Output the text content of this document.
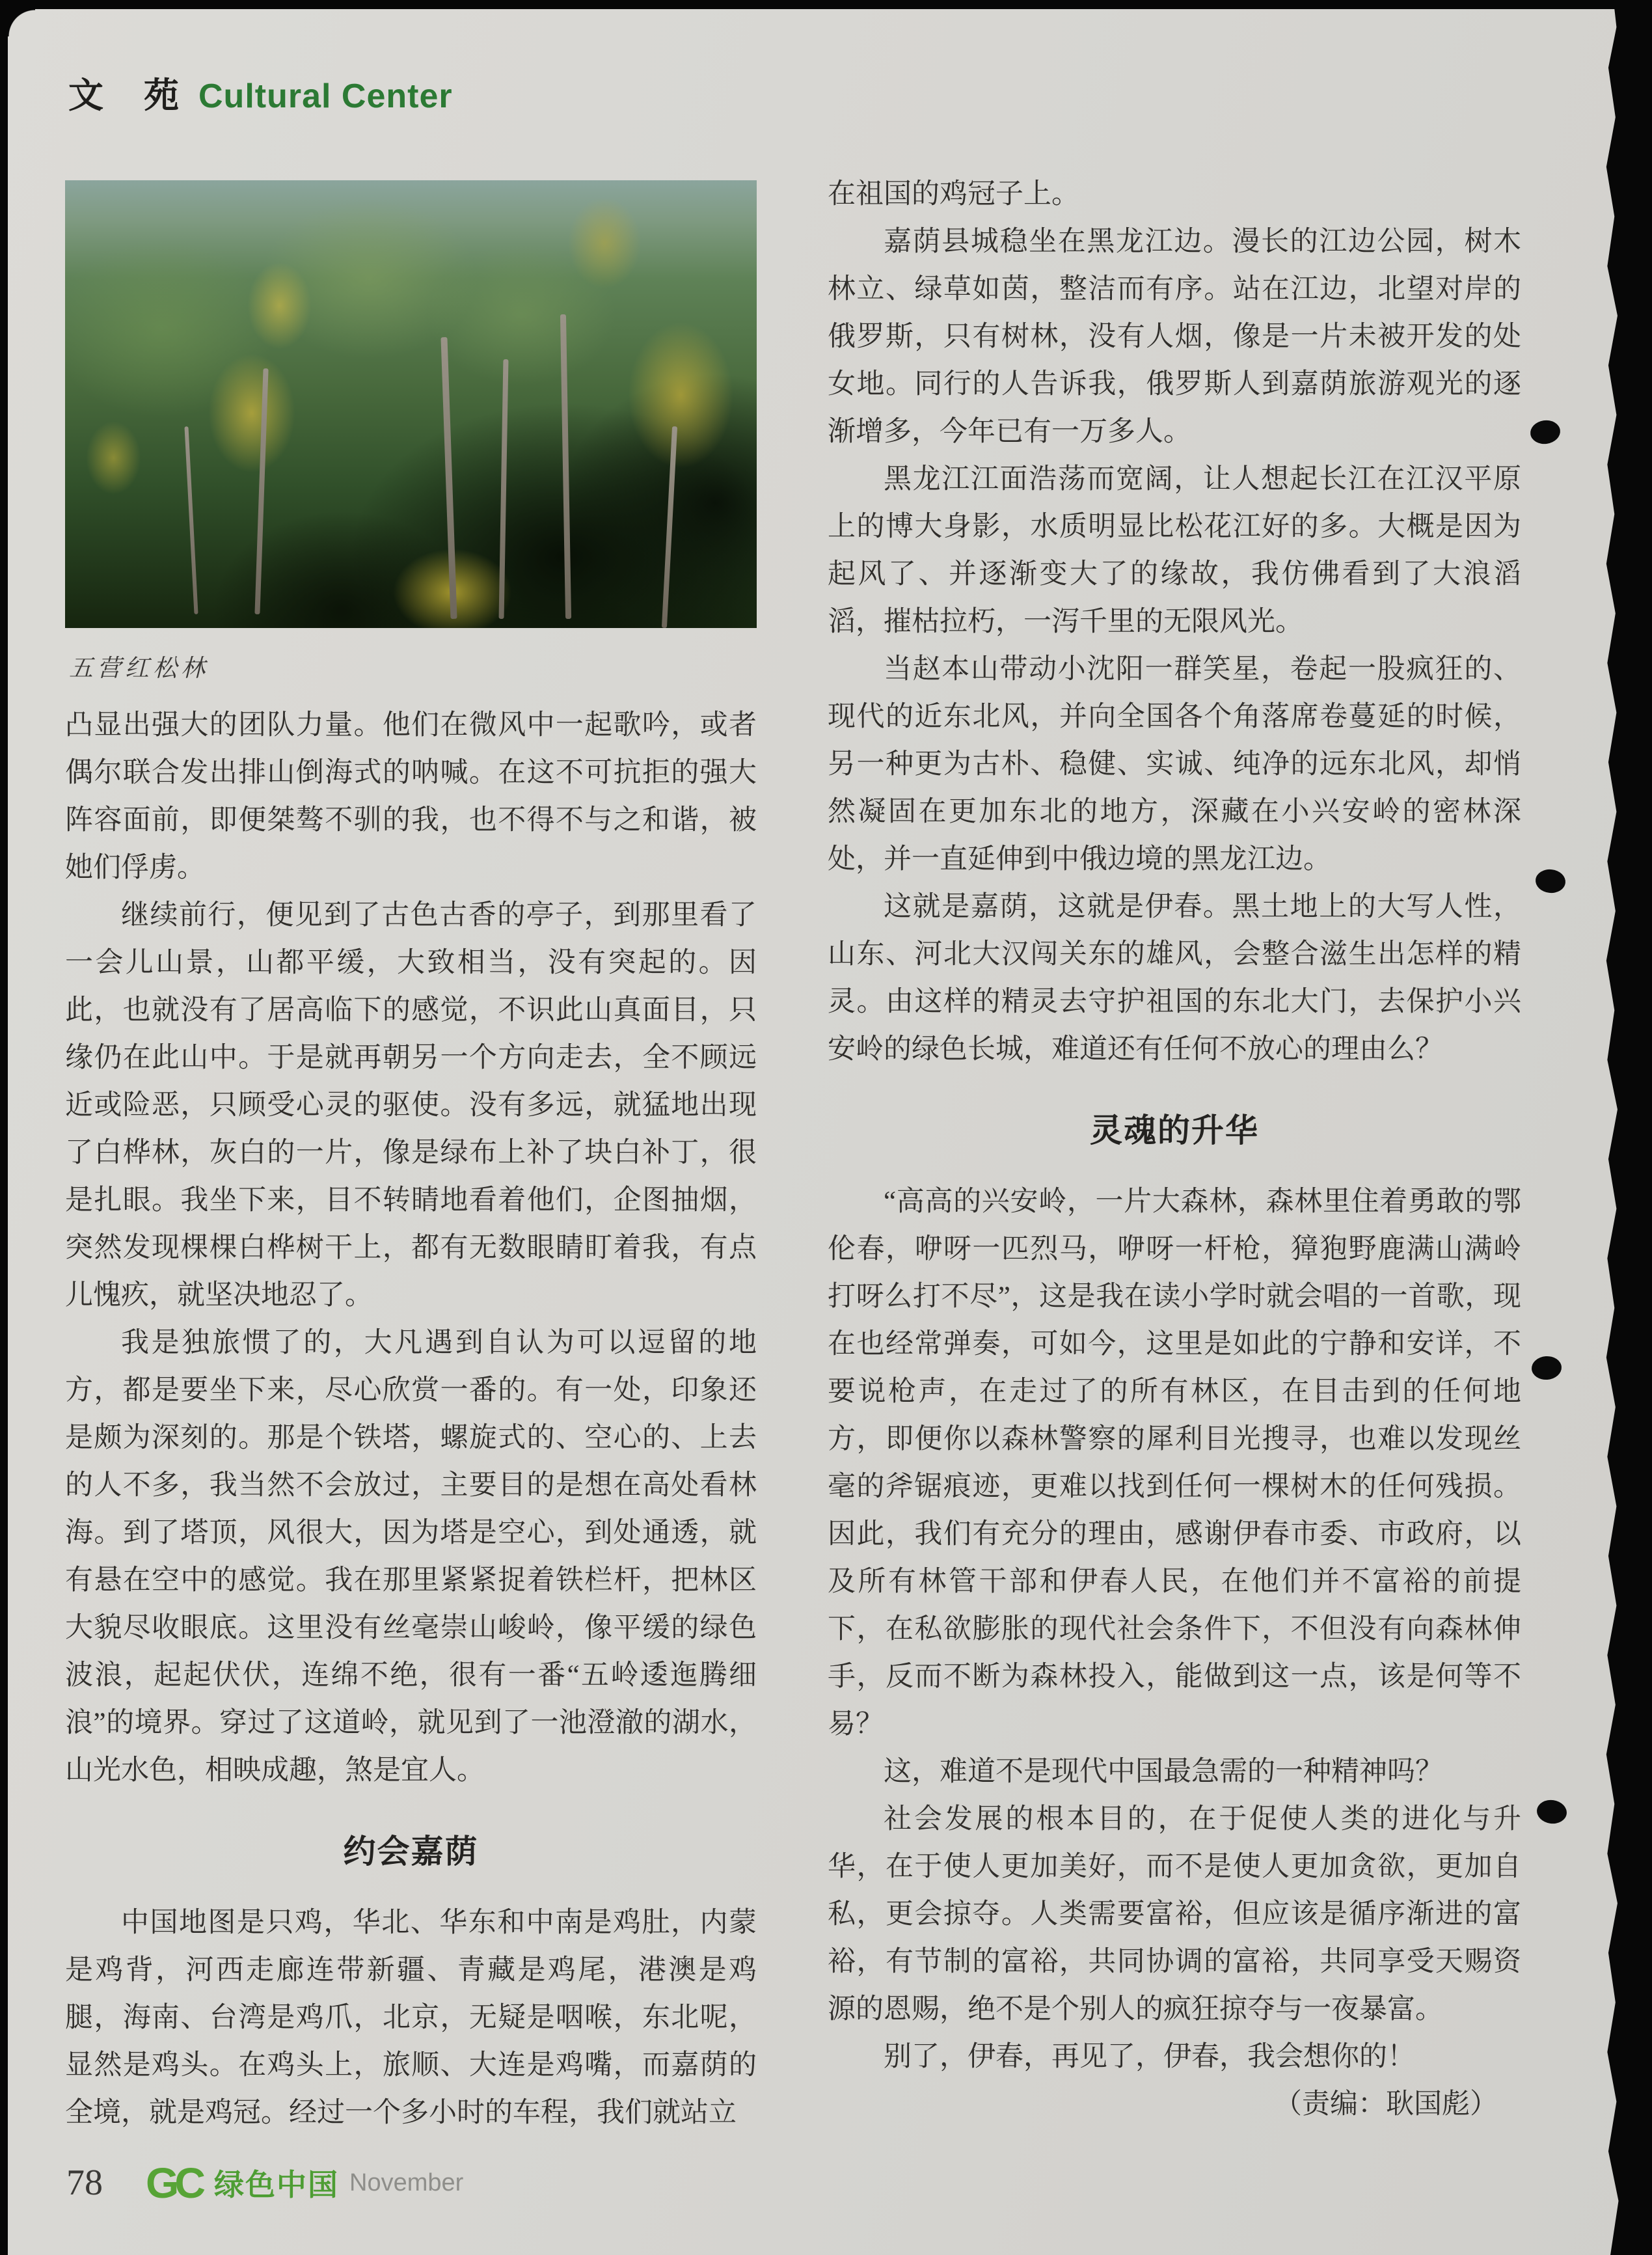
文　苑 Cultural Center
五营红松林

凸显出强大的团队力量。他们在微风中一起歌吟，或者偶尔联合发出排山倒海式的呐喊。在这不可抗拒的强大阵容面前，即便桀骜不驯的我，也不得不与之和谐，被她们俘虏。

继续前行，便见到了古色古香的亭子，到那里看了一会儿山景，山都平缓，大致相当，没有突起的。因此，也就没有了居高临下的感觉，不识此山真面目，只缘仍在此山中。于是就再朝另一个方向走去，全不顾远近或险恶，只顾受心灵的驱使。没有多远，就猛地出现了白桦林，灰白的一片，像是绿布上补了块白补丁，很是扎眼。我坐下来，目不转睛地看着他们，企图抽烟，突然发现棵棵白桦树干上，都有无数眼睛盯着我，有点儿愧疚，就坚决地忍了。

我是独旅惯了的，大凡遇到自认为可以逗留的地方，都是要坐下来，尽心欣赏一番的。有一处，印象还是颇为深刻的。那是个铁塔，螺旋式的、空心的、上去的人不多，我当然不会放过，主要目的是想在高处看林海。到了塔顶，风很大，因为塔是空心，到处通透，就有悬在空中的感觉。我在那里紧紧捉着铁栏杆，把林区大貌尽收眼底。这里没有丝毫崇山峻岭，像平缓的绿色波浪，起起伏伏，连绵不绝，很有一番“五岭逶迤腾细浪”的境界。穿过了这道岭，就见到了一池澄澈的湖水，山光水色，相映成趣，煞是宜人。

约会嘉荫

中国地图是只鸡，华北、华东和中南是鸡肚，内蒙是鸡背，河西走廊连带新疆、青藏是鸡尾，港澳是鸡腿，海南、台湾是鸡爪，北京，无疑是咽喉，东北呢，显然是鸡头。在鸡头上，旅顺、大连是鸡嘴，而嘉荫的全境，就是鸡冠。经过一个多小时的车程，我们就站立

在祖国的鸡冠子上。

嘉荫县城稳坐在黑龙江边。漫长的江边公园，树木林立、绿草如茵，整洁而有序。站在江边，北望对岸的俄罗斯，只有树林，没有人烟，像是一片未被开发的处女地。同行的人告诉我，俄罗斯人到嘉荫旅游观光的逐渐增多，今年已有一万多人。

黑龙江江面浩荡而宽阔，让人想起长江在江汉平原上的博大身影，水质明显比松花江好的多。大概是因为起风了、并逐渐变大了的缘故，我仿佛看到了大浪滔滔，摧枯拉朽，一泻千里的无限风光。

当赵本山带动小沈阳一群笑星，卷起一股疯狂的、现代的近东北风，并向全国各个角落席卷蔓延的时候，另一种更为古朴、稳健、实诚、纯净的远东北风，却悄然凝固在更加东北的地方，深藏在小兴安岭的密林深处，并一直延伸到中俄边境的黑龙江边。

这就是嘉荫，这就是伊春。黑土地上的大写人性，山东、河北大汉闯关东的雄风，会整合滋生出怎样的精灵。由这样的精灵去守护祖国的东北大门，去保护小兴安岭的绿色长城，难道还有任何不放心的理由么？

灵魂的升华

“高高的兴安岭，一片大森林，森林里住着勇敢的鄂伦春，咿呀一匹烈马，咿呀一杆枪，獐狍野鹿满山满岭打呀么打不尽”，这是我在读小学时就会唱的一首歌，现在也经常弹奏，可如今，这里是如此的宁静和安详，不要说枪声，在走过了的所有林区，在目击到的任何地方，即便你以森林警察的犀利目光搜寻，也难以发现丝毫的斧锯痕迹，更难以找到任何一棵树木的任何残损。因此，我们有充分的理由，感谢伊春市委、市政府，以及所有林管干部和伊春人民，在他们并不富裕的前提下，在私欲膨胀的现代社会条件下，不但没有向森林伸手，反而不断为森林投入，能做到这一点，该是何等不易？

这，难道不是现代中国最急需的一种精神吗？

社会发展的根本目的，在于促使人类的进化与升华，在于使人更加美好，而不是使人更加贪欲，更加自私，更会掠夺。人类需要富裕，但应该是循序渐进的富裕，有节制的富裕，共同协调的富裕，共同享受天赐资源的恩赐，绝不是个别人的疯狂掠夺与一夜暴富。

别了，伊春，再见了，伊春，我会想你的！

（责编：耿国彪）

78 GC 绿色中国 November
